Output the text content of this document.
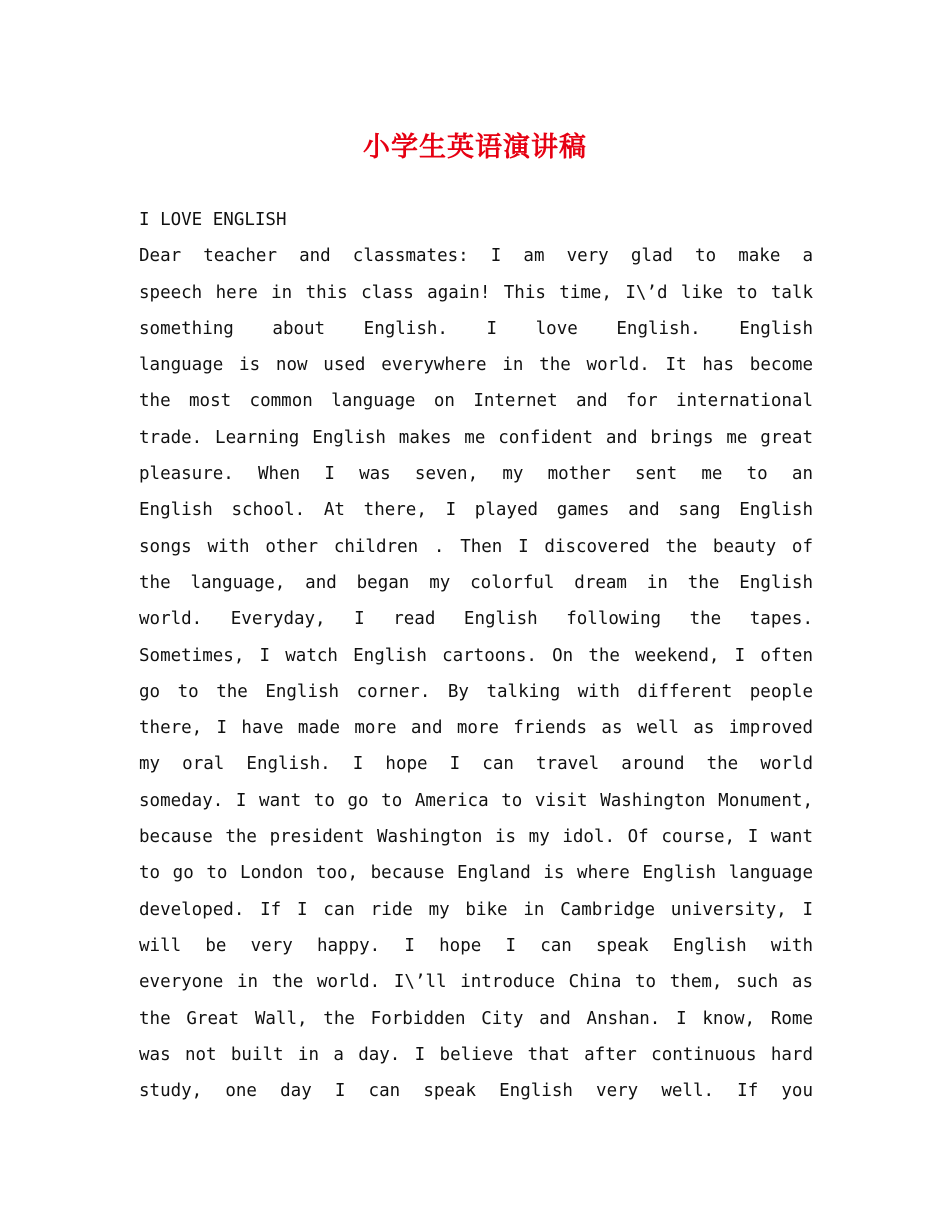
小学生英语演讲稿
I LOVE ENGLISH
Dear teacher and classmates: I am very glad to make a
speech here in this class again! This time, I\’d like to talk
something about English. I love English. English
language is now used everywhere in the world. It has become
the most common language on Internet and for international
trade. Learning English makes me confident and brings me great
pleasure. When I was seven, my mother sent me to an
English school. At there, I played games and sang English
songs with other children . Then I discovered the beauty of
the language, and began my colorful dream in the English
world. Everyday, I read English following the tapes.
Sometimes, I watch English cartoons. On the weekend, I often
go to the English corner. By talking with different people
there, I have made more and more friends as well as improved
my oral English. I hope I can travel around the world
someday. I want to go to America to visit Washington Monument,
because the president Washington is my idol. Of course, I want
to go to London too, because England is where English language
developed. If I can ride my bike in Cambridge university, I
will be very happy. I hope I can speak English with
everyone in the world. I\’ll introduce China to them, such as
the Great Wall, the Forbidden City and Anshan. I know, Rome
was not built in a day. I believe that after continuous hard
study, one day I can speak English very well. If you
